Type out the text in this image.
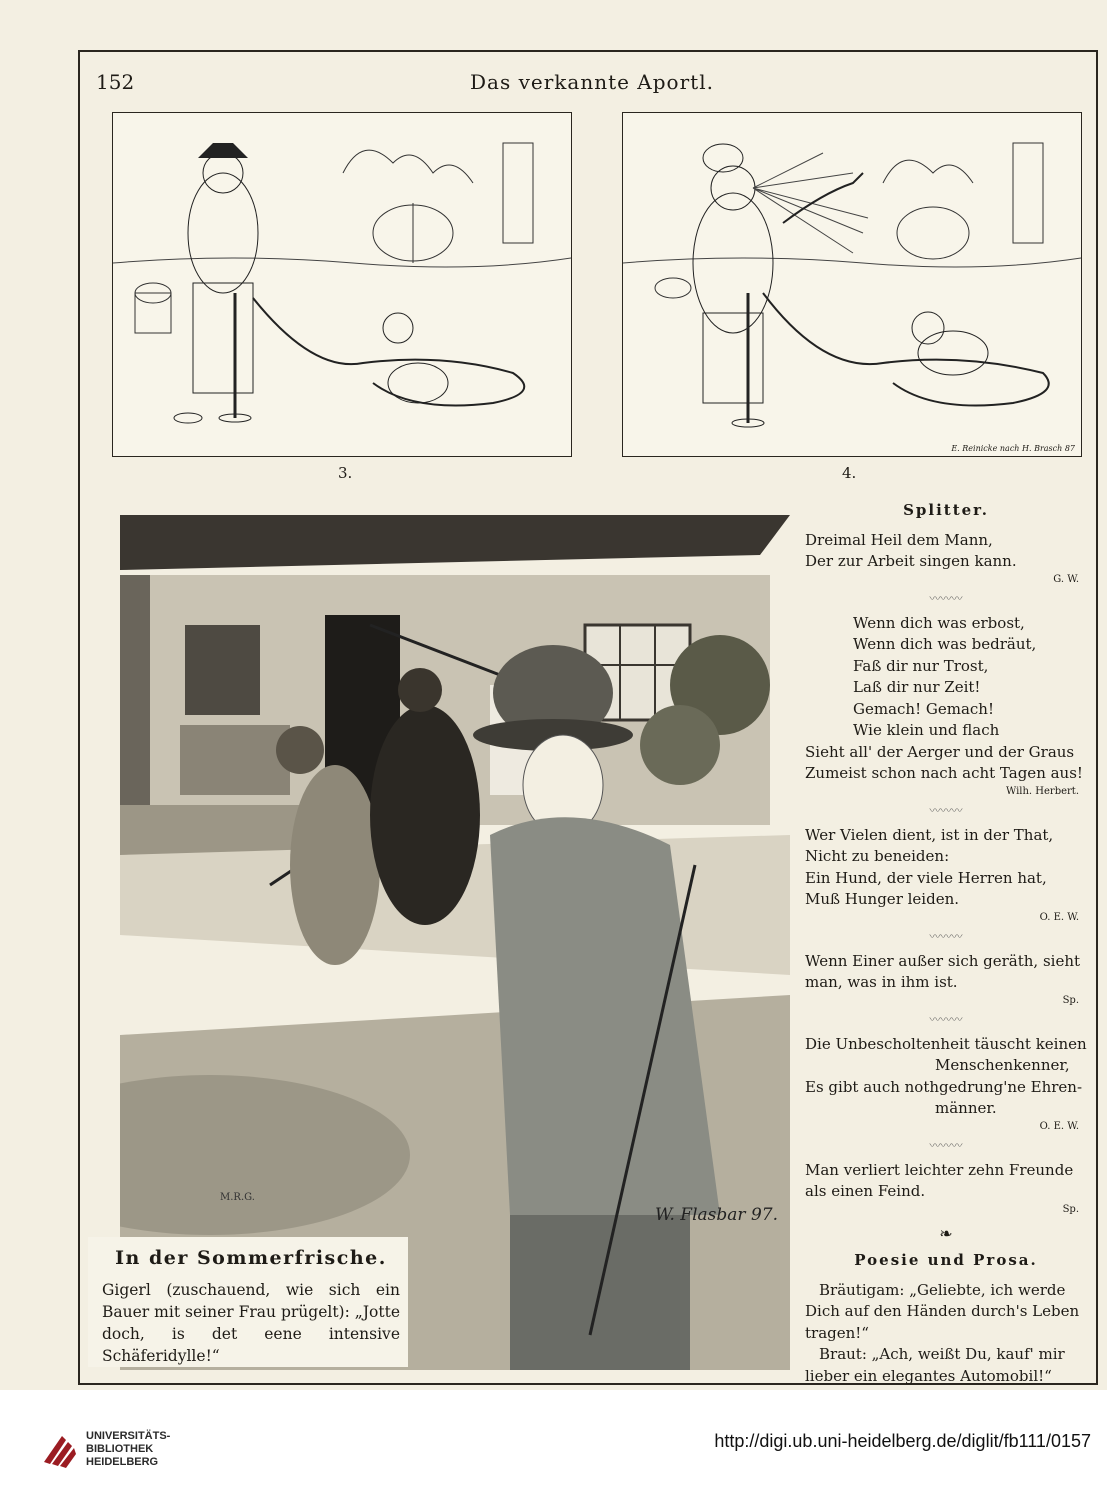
152	Das verkannte Aportl.
3.
E. Reinicke nach H. Brasch 87
4.
M.R.G.
W. Flasbar 97.

In der Sommerfrische.

Gigerl (zuschauend, wie sich ein Bauer mit seiner Frau prügelt): „Jotte doch, is det eene intensive Schäferidylle!“

Splitter.

Dreimal Heil dem Mann,
Der zur Arbeit singen kann.
G. W.
〰〰〰
Wenn dich was erbost,
Wenn dich was bedräut,
Faß dir nur Trost,
Laß dir nur Zeit!
Gemach! Gemach!
Wie klein und flach
Sieht all' der Aerger und der Graus
Zumeist schon nach acht Tagen aus!
Wilh. Herbert.
〰〰〰
Wer Vielen dient, ist in der That,
Nicht zu beneiden:
Ein Hund, der viele Herren hat,
Muß Hunger leiden.
O. E. W.
〰〰〰
Wenn Einer außer sich geräth, sieht
man, was in ihm ist.
Sp.
〰〰〰
Die Unbescholtenheit täuscht keinen
Menschenkenner,
Es gibt auch nothgedrung'ne Ehren-
männer.
O. E. W.
〰〰〰
Man verliert leichter zehn Freunde
als einen Feind.
Sp.
❧

Poesie und Prosa.

Bräutigam: „Geliebte, ich werde
Dich auf den Händen durch's Leben
tragen!“
Braut: „Ach, weißt Du, kauf' mir
lieber ein elegantes Automobil!“
UNIVERSITÄTS-
BIBLIOTHEK
HEIDELBERG
http://digi.ub.uni-heidelberg.de/diglit/fb111/0157
